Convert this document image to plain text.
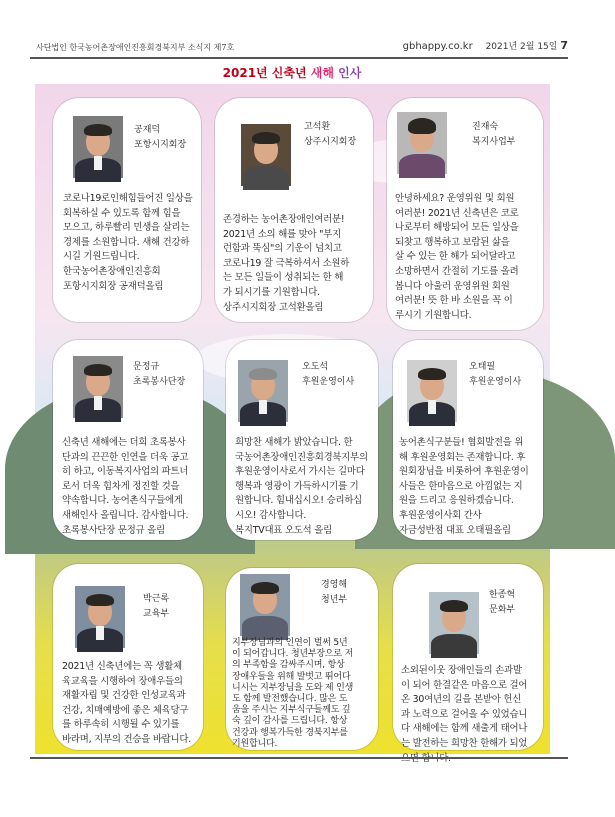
사단법인 한국농어촌장애인진흥회경북지부 소식지 제7호	gbhappy.co.kr 2021년 2월 15일 7
2021년 신축년 새해 인사
공재덕
포항시지회장
코로나19로인해힘들어진 일상을
회복하실 수 있도록 함께 힘을
모으고, 하루빨리 민생을 살리는
경제를 소원합니다. 새해 건강하
시길 기원드립니다.
한국농어촌장애인진흥회
포항시지회장 공재덕올림
고석환
상주시지회장
존경하는 농어촌장애인여러분!
2021년 소의 해를 맞아 "부지
런함과 뚝심"의 기운이 넘치고
코로나19 잘 극복하셔서 소원하
는 모든 일들이 성취되는 한 해
가 되시기를 기원합니다.
상주시지회장 고석환올림
진재숙
복지사업부
안녕하세요? 운영위원 및 회원
여러분! 2021년 신축년은 코로
나로부터 해방되어 모든 일상을
되찾고 행복하고 보람된 삶을
살 수 있는 한 해가 되어달라고
소망하면서 간절히 기도를 올려
봅니다 아울러 운영위원 회원
여러분! 뜻 한 바 소원을 꼭 이
루시기 기원합니다.
문정규
초록봉사단장
신축년 새해에는 더희 초록봉사
단과의 끈끈한 인연을 더욱 공고
히 하고, 이동복지사업의 파트너
로서 더욱 힘차게 정진할 것을
약속합니다. 농어촌식구들에게
새해인사 올립니다. 감사합니다.
초록봉사단장 문정규 올림
오도석
후원운영이사
희망찬 새해가 밝았습니다. 한
국농어촌장애인진흥회경북지부의
후원운영이사로서 가시는 길마다
행복과 영광이 가득하시기를 기
원합니다. 힘내십시오! 승리하십
시오! 감사합니다.
복지TV대표 오도석 올림
오태필
후원운영이사
농어촌식구분들! 협회발전을 위
해 후원운영회는 존재합니다. 후
원회장님을 비롯하여 후원운영이
사들은 한마음으로 아낌없는 지
원을 드리고 응원하겠습니다.
후원운영이사회 간사
자금성반점 대표 오태필올림
박근록
교육부
2021년 신축년에는 꼭 생활체
육교육을 시행하여 장애우들의
재활자립 및 건강한 인성교육과
건강, 치매예방에 좋은 체육당구
를 하루속히 시행될 수 있기를
바라며, 지부의 건승을 바랍니다.
경영해
청년부
지부장님과의 인연이 벌써 5년
이 되어갑니다. 청년부장으로 저
의 부족함을 감싸주시며, 항상
장애우들을 위해 발벗고 뛰어다
니시는 지부장님을 도와 제 인생
도 함께 발전했습니다. 많은 도
움을 주시는 지부식구들께도 깊
숙 깊이 감사를 드립니다. 항상
건강과 행복가득한 경북지부를
기원합니다.
한종혁
문화부
소외된이웃 장애인들의 손과발
이 되어 한결같은 마음으로 걸어
온 30여년의 길을 본받아 헌신
과 노력으로 걸어올 수 있었습니
다 새해에는 함께 새출게 태어나
는 발전하는 희망찬 한해가 되었
